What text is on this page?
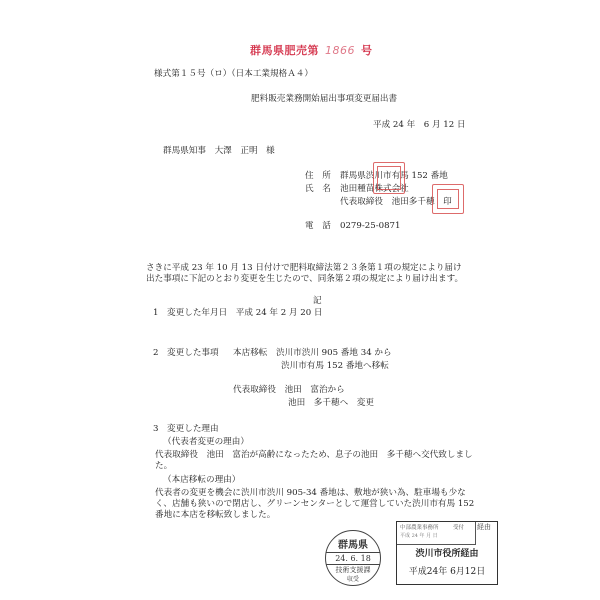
群馬県肥売第 1866 号
様式第１５号（ロ）（日本工業規格Ａ４）
肥料販売業務開始届出事項変更届出書
平成 24 年　6 月 12 日
群馬県知事　大澤　正明　様
住　所 群馬県渋川市有馬 152 番地
氏　名 池田種苗株式会社
代表取締役　池田多千穂　印
電　話 0279-25-0871
さきに平成 23 年 10 月 13 日付けで肥料取締法第２３条第１項の規定により届け出た事項に下記のとおり変更を生じたので、同条第２項の規定により届け出ます。
記
1　変更した年月日　平成 24 年 2 月 20 日
2　変更した事項 本店移転　渋川市渋川 905 番地 34 から
渋川市有馬 152 番地へ移転
代表取締役　池田　富治から
池田　多千穂へ　変更
3　変更した理由
（代表者変更の理由）
代表取締役　池田　富治が高齢になったため、息子の池田　多千穂へ交代致しました。
（本店移転の理由）
代表者の変更を機会に渋川市渋川 905-34 番地は、敷地が狭い為、駐車場も少なく、店舗も狭いので閉店し、グリーンセンターとして運営していた渋川市有馬 152 番地に本店を移転致しました。
群馬県
24. 6. 18
技術支援課
収受
中部農業事務所
平成 24 年 月 日
受付 経由
渋川市役所経由
平成24年 6月12日
